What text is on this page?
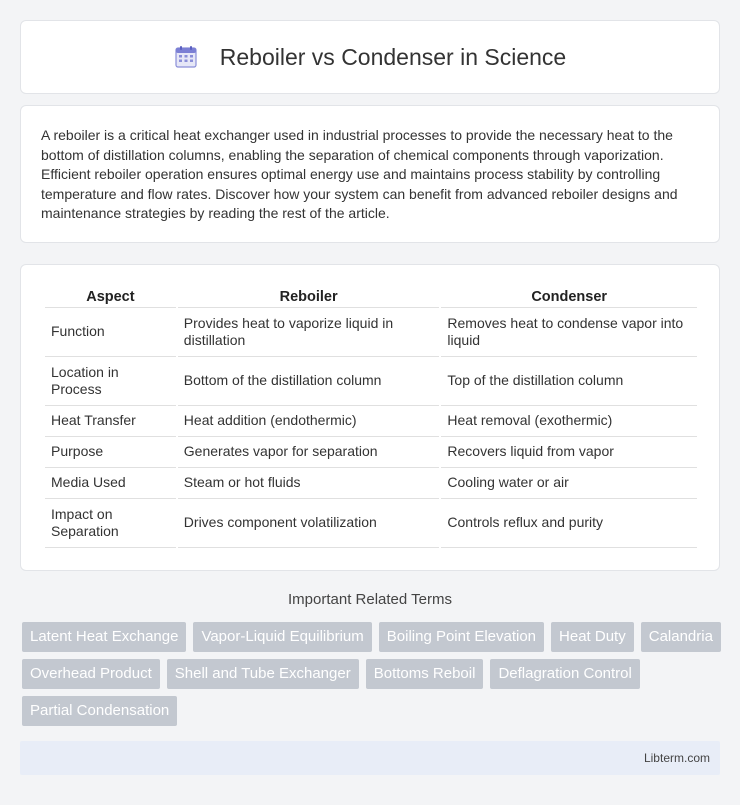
Reboiler vs Condenser in Science

A reboiler is a critical heat exchanger used in industrial processes to provide the necessary heat to the bottom of distillation columns, enabling the separation of chemical components through vaporization. Efficient reboiler operation ensures optimal energy use and maintains process stability by controlling temperature and flow rates. Discover how your system can benefit from advanced reboiler designs and maintenance strategies by reading the rest of the article.

Aspect	Reboiler	Condenser
Function	Provides heat to vaporize liquid in distillation	Removes heat to condense vapor into liquid
Location in Process	Bottom of the distillation column	Top of the distillation column
Heat Transfer	Heat addition (endothermic)	Heat removal (exothermic)
Purpose	Generates vapor for separation	Recovers liquid from vapor
Media Used	Steam or hot fluids	Cooling water or air
Impact on Separation	Drives component volatilization	Controls reflux and purity
Important Related Terms
Latent Heat Exchange	Vapor-Liquid Equilibrium	Boiling Point Elevation	Heat Duty	Calandria
Overhead Product	Shell and Tube Exchanger	Bottoms Reboil	Deflagration Control
Partial Condensation
Libterm.com
